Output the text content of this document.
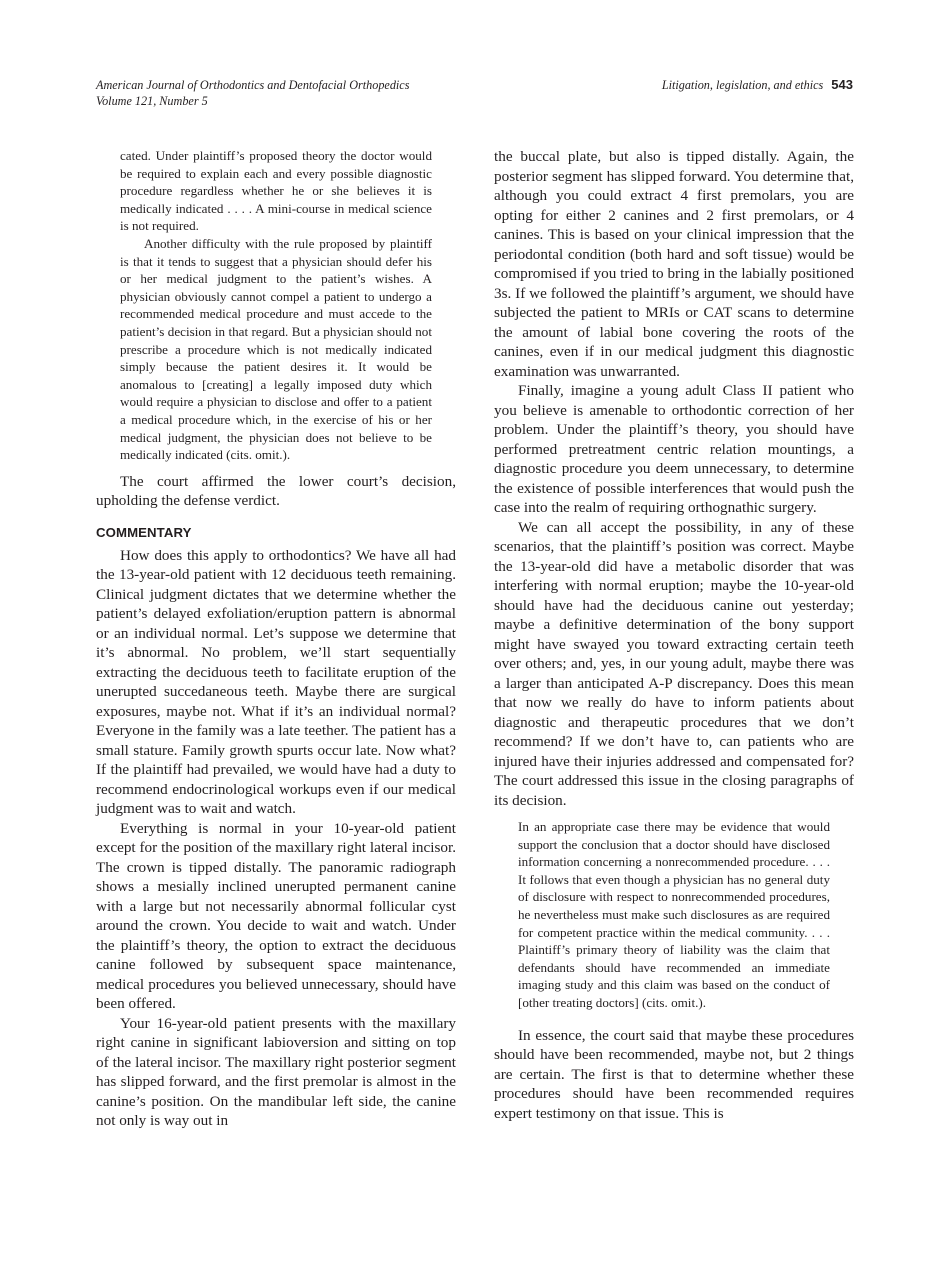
American Journal of Orthodontics and Dentofacial Orthopedics
Volume 121, Number 5
Litigation, legislation, and ethics 543

cated. Under plaintiff’s proposed theory the doctor would be required to explain each and every possible diagnostic procedure regardless whether he or she believes it is medically indicated . . . . A mini-course in medical science is not required.

Another difficulty with the rule proposed by plaintiff is that it tends to suggest that a physician should defer his or her medical judgment to the patient’s wishes. A physician obviously cannot compel a patient to undergo a recommended medical procedure and must accede to the patient’s decision in that regard. But a physician should not prescribe a procedure which is not medically indicated simply because the patient desires it. It would be anomalous to [creating] a legally imposed duty which would require a physician to disclose and offer to a patient a medical procedure which, in the exercise of his or her medical judgment, the physician does not believe to be medically indicated (cits. omit.).

The court affirmed the lower court’s decision, upholding the defense verdict.

COMMENTARY

How does this apply to orthodontics? We have all had the 13-year-old patient with 12 deciduous teeth remaining. Clinical judgment dictates that we determine whether the patient’s delayed exfoliation/eruption pattern is abnormal or an individual normal. Let’s suppose we determine that it’s abnormal. No problem, we’ll start sequentially extracting the deciduous teeth to facilitate eruption of the unerupted succedaneous teeth. Maybe there are surgical exposures, maybe not. What if it’s an individual normal? Everyone in the family was a late teether. The patient has a small stature. Family growth spurts occur late. Now what? If the plaintiff had prevailed, we would have had a duty to recommend endocrinological workups even if our medical judgment was to wait and watch.

Everything is normal in your 10-year-old patient except for the position of the maxillary right lateral incisor. The crown is tipped distally. The panoramic radiograph shows a mesially inclined unerupted permanent canine with a large but not necessarily abnormal follicular cyst around the crown. You decide to wait and watch. Under the plaintiff’s theory, the option to extract the deciduous canine followed by subsequent space maintenance, medical procedures you believed unnecessary, should have been offered.

Your 16-year-old patient presents with the maxillary right canine in significant labioversion and sitting on top of the lateral incisor. The maxillary right posterior segment has slipped forward, and the first premolar is almost in the canine’s position. On the mandibular left side, the canine not only is way out in

the buccal plate, but also is tipped distally. Again, the posterior segment has slipped forward. You determine that, although you could extract 4 first premolars, you are opting for either 2 canines and 2 first premolars, or 4 canines. This is based on your clinical impression that the periodontal condition (both hard and soft tissue) would be compromised if you tried to bring in the labially positioned 3s. If we followed the plaintiff’s argument, we should have subjected the patient to MRIs or CAT scans to determine the amount of labial bone covering the roots of the canines, even if in our medical judgment this diagnostic examination was unwarranted.

Finally, imagine a young adult Class II patient who you believe is amenable to orthodontic correction of her problem. Under the plaintiff’s theory, you should have performed pretreatment centric relation mountings, a diagnostic procedure you deem unnecessary, to determine the existence of possible interferences that would push the case into the realm of requiring orthognathic surgery.

We can all accept the possibility, in any of these scenarios, that the plaintiff’s position was correct. Maybe the 13-year-old did have a metabolic disorder that was interfering with normal eruption; maybe the 10-year-old should have had the deciduous canine out yesterday; maybe a definitive determination of the bony support might have swayed you toward extracting certain teeth over others; and, yes, in our young adult, maybe there was a larger than anticipated A-P discrepancy. Does this mean that now we really do have to inform patients about diagnostic and therapeutic procedures that we don’t recommend? If we don’t have to, can patients who are injured have their injuries addressed and compensated for? The court addressed this issue in the closing paragraphs of its decision.

In an appropriate case there may be evidence that would support the conclusion that a doctor should have disclosed information concerning a nonrecommended procedure. . . . It follows that even though a physician has no general duty of disclosure with respect to nonrecommended procedures, he nevertheless must make such disclosures as are required for competent practice within the medical community. . . . Plaintiff’s primary theory of liability was the claim that defendants should have recommended an immediate imaging study and this claim was based on the conduct of [other treating doctors] (cits. omit.).

In essence, the court said that maybe these procedures should have been recommended, maybe not, but 2 things are certain. The first is that to determine whether these procedures should have been recommended requires expert testimony on that issue. This is
